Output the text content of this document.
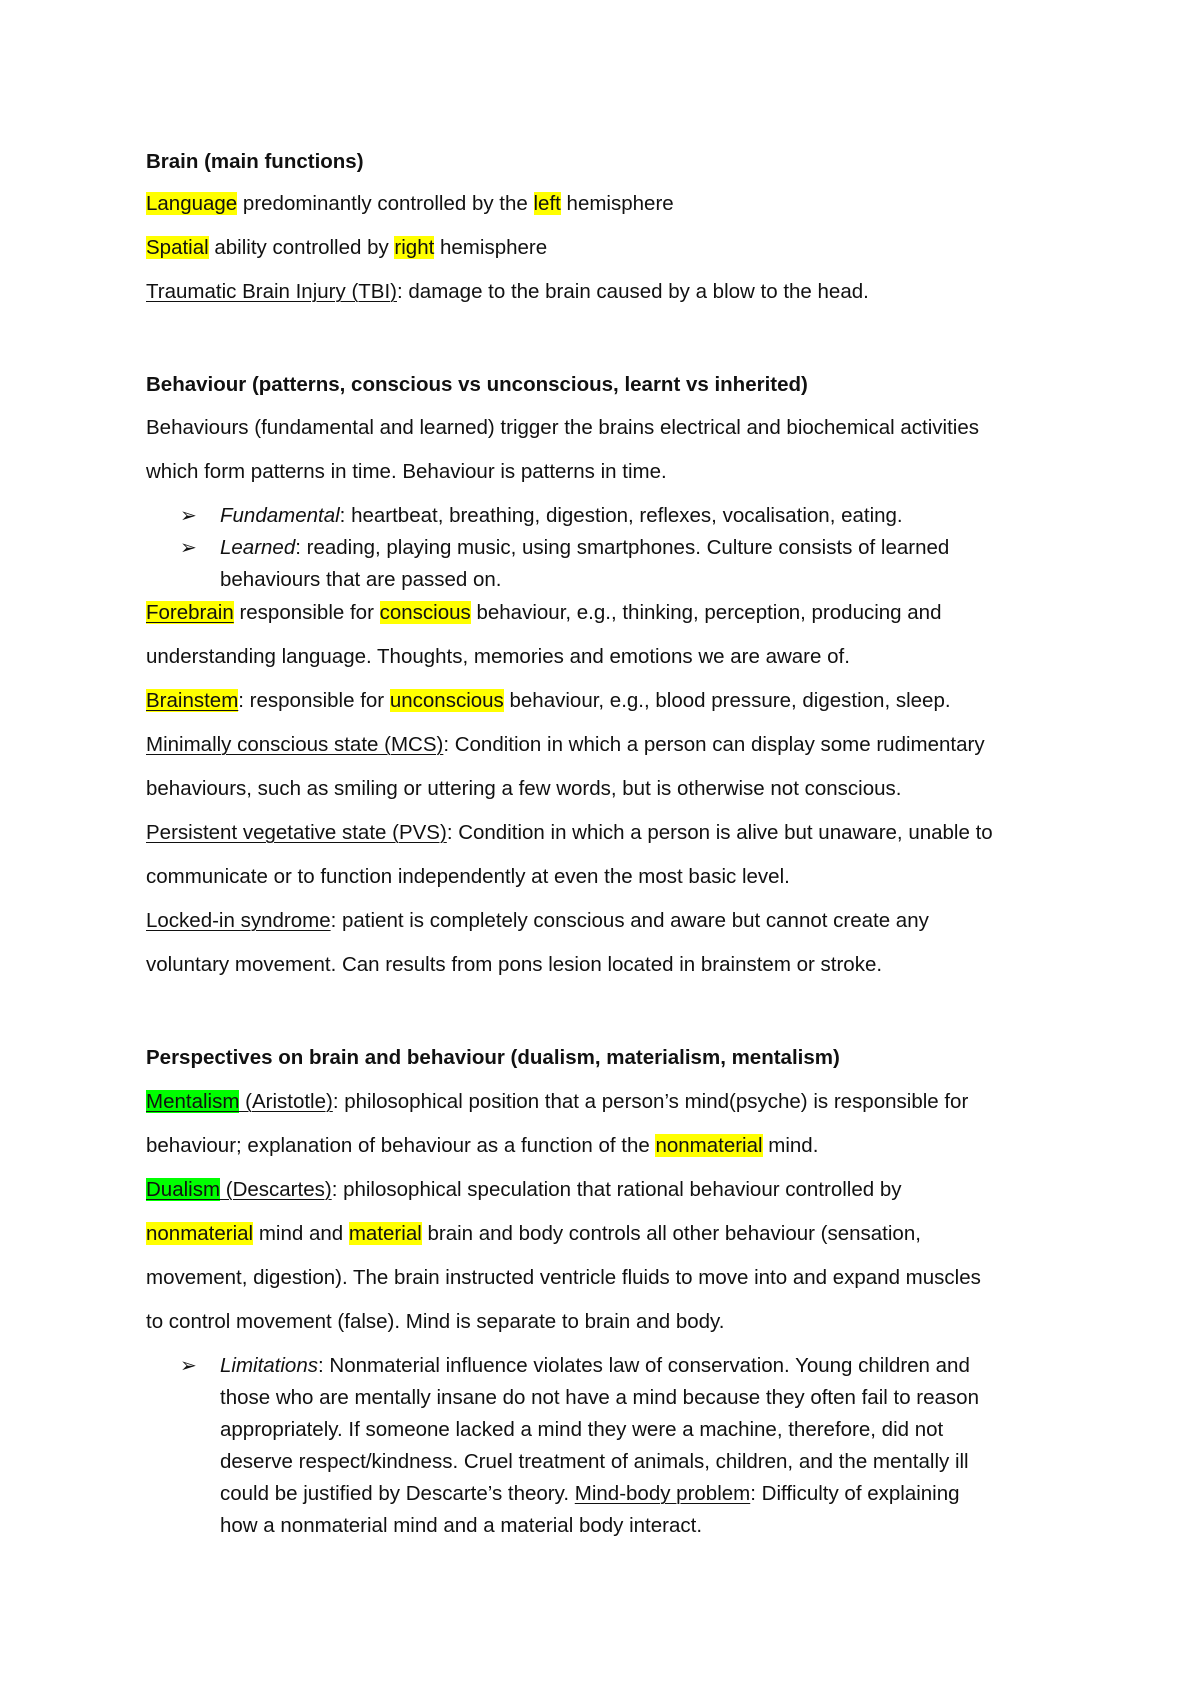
Brain (main functions)
Language predominantly controlled by the left hemisphere
Spatial ability controlled by right hemisphere
Traumatic Brain Injury (TBI): damage to the brain caused by a blow to the head.
Behaviour (patterns, conscious vs unconscious, learnt vs inherited)
Behaviours (fundamental and learned) trigger the brains electrical and biochemical activities
which form patterns in time. Behaviour is patterns in time.
➢ Fundamental: heartbeat, breathing, digestion, reflexes, vocalisation, eating.
➢ Learned: reading, playing music, using smartphones. Culture consists of learned
behaviours that are passed on.
Forebrain responsible for conscious behaviour, e.g., thinking, perception, producing and
understanding language. Thoughts, memories and emotions we are aware of.
Brainstem: responsible for unconscious behaviour, e.g., blood pressure, digestion, sleep.
Minimally conscious state (MCS): Condition in which a person can display some rudimentary
behaviours, such as smiling or uttering a few words, but is otherwise not conscious.
Persistent vegetative state (PVS): Condition in which a person is alive but unaware, unable to
communicate or to function independently at even the most basic level.
Locked-in syndrome: patient is completely conscious and aware but cannot create any
voluntary movement. Can results from pons lesion located in brainstem or stroke.
Perspectives on brain and behaviour (dualism, materialism, mentalism)
Mentalism (Aristotle): philosophical position that a person’s mind(psyche) is responsible for
behaviour; explanation of behaviour as a function of the nonmaterial mind.
Dualism (Descartes): philosophical speculation that rational behaviour controlled by
nonmaterial mind and material brain and body controls all other behaviour (sensation,
movement, digestion). The brain instructed ventricle fluids to move into and expand muscles
to control movement (false). Mind is separate to brain and body.
➢ Limitations: Nonmaterial influence violates law of conservation. Young children and
those who are mentally insane do not have a mind because they often fail to reason
appropriately. If someone lacked a mind they were a machine, therefore, did not
deserve respect/kindness. Cruel treatment of animals, children, and the mentally ill
could be justified by Descarte’s theory. Mind-body problem: Difficulty of explaining
how a nonmaterial mind and a material body interact.
